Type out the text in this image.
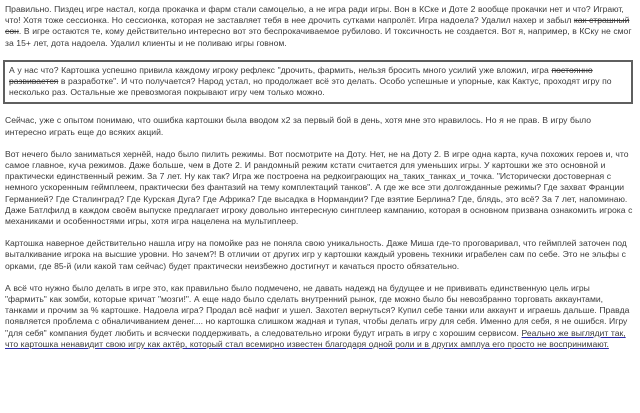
Правильно. Пиздец игре настал, когда прокачка и фарм стали самоцелью, а не игра ради игры. Вон в КСке и Доте 2 вообще прокачки нет и что? Играют, что! Хотя тоже сессионка. Но сессионка, которая не заставляет тебя в нее дрочить сутками напролёт. Игра надоела? Удалил нахер и забыл как страшный сон. В игре остаются те, кому действительно интересно вот это беспрокачиваемое рубилово. И токсичность не создается. Вот я, например, в КСку не смог за 15+ лет, дота надоела. Удалил клиенты и не поливаю игры говном.

А у нас что? Картошка успешно привила каждому игроку рефлекс "дрочить, фармить, нельзя бросить много усилий уже вложил, игра постоянно развивается в разработке". И что получается? Народ устал, но продолжает всё это делать. Особо успешные и упорные, как Кактус, проходят игру по несколько раз. Остальные же превозмогая покрывают игру чем только можно.

Сейчас, уже с опытом понимаю, что ошибка картошки была вводом х2 за первый бой в день, хотя мне это нравилось. Но я не прав. В игру было интересно играть еще до всяких акций.

Вот нечего было заниматься хернёй, надо было пилить режимы. Вот посмотрите на Доту. Нет, не на Доту 2. В игре одна карта, куча похожих героев и, что самое главное, куча режимов. Даже больше, чем в Доте 2. И рандомный режим кстати считается для уменьших игры. У картошки же это основной и практически единственный режим. За 7 лет. Ну как так? Игра же построена на редкоиграющих на_таких_танках_и_точка. "Исторически достоверная с немного ускоренным геймплеем, практически без фантазий на тему комплектаций танков". А где же все эти долгожданные режимы? Где захват Франции Германией? Где Сталинград? Где Курская Дуга? Где Африка? Где высадка в Нормандии? Где взятие Берлина? Где, блядь, это всё? За 7 лет, напоминаю. Даже Батлфилд в каждом своём выпуске предлагает игроку довольно интересную сингплеер кампанию, которая в основном призвана ознакомить игрока с механиками и особенностями игры, хотя игра нацелена на мультиплеер.

Картошка наверное действительно нашла игру на помойке раз не поняла свою уникальность. Даже Миша где-то проговаривал, что геймплей заточен под выталкивание игрока на высшие уровни. Но зачем?! В отличии от других игр у картошки каждый уровень техники играбелен сам по себе. Это не эльфы с орками, где 85-й (или какой там сейчас) будет практически неизбежно достигнут и качаться просто обязательно.

А всё что нужно было делать в игре это, как правильно было подмечено, не давать надежд на будущее и не прививать единственную цель игры "фармить" как зомби, которые кричат "мозги!". А еще надо было сделать внутренний рынок, где можно было бы невозбранно торговать аккаунтами, танками и прочим за % картошке. Надоела игра? Продал всё нафиг и ушел. Захотел вернуться? Купил себе танки или аккаунт и играешь дальше. Правда появляется проблема с обналичиванием денег.... но картошка слишком жадная и тупая, чтобы делать игру для себя. Именно для себя, я не ошибся. Игру "для себя" компания будет любить и всячески поддерживать, а следовательно игроки будут играть в игру с хорошим сервисом. Реально же выглядит так, что картошка ненавидит свою игру как актёр, который стал всемирно известен благодаря одной роли и в других амплуа его просто не воспринимают.
